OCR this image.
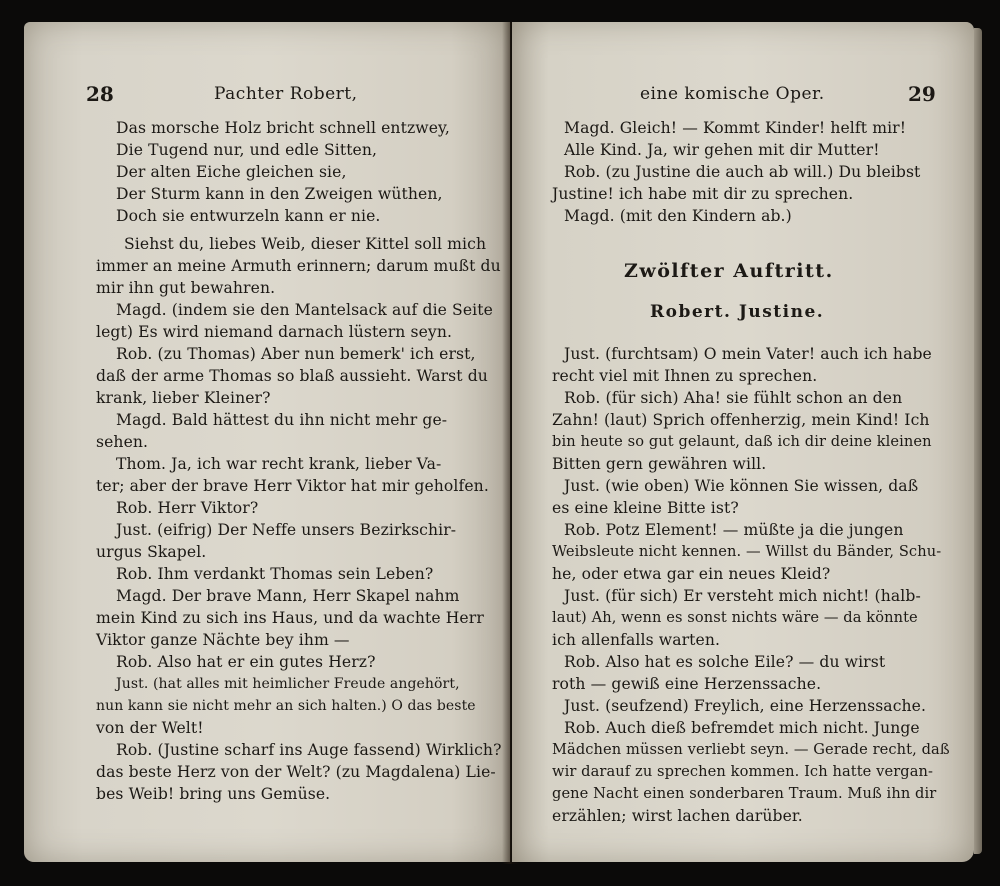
28	Pachter Robert,
Das morsche Holz bricht schnell entzwey,
Die Tugend nur, und edle Sitten,
Der alten Eiche gleichen sie,
Der Sturm kann in den Zweigen wüthen,
Doch sie entwurzeln kann er nie.
Siehst du, liebes Weib, dieser Kittel soll mich
immer an meine Armuth erinnern; darum mußt du
mir ihn gut bewahren.
Magd. (indem sie den Mantelsack auf die Seite
legt) Es wird niemand darnach lüstern seyn.
Rob. (zu Thomas) Aber nun bemerk' ich erst,
daß der arme Thomas so blaß aussieht. Warst du
krank, lieber Kleiner?
Magd. Bald hättest du ihn nicht mehr ge-
sehen.
Thom. Ja, ich war recht krank, lieber Va-
ter; aber der brave Herr Viktor hat mir geholfen.
Rob. Herr Viktor?
Just. (eifrig) Der Neffe unsers Bezirkschir-
urgus Skapel.
Rob. Ihm verdankt Thomas sein Leben?
Magd. Der brave Mann, Herr Skapel nahm
mein Kind zu sich ins Haus, und da wachte Herr
Viktor ganze Nächte bey ihm —
Rob. Also hat er ein gutes Herz?
Just. (hat alles mit heimlicher Freude angehört,
nun kann sie nicht mehr an sich halten.) O das beste
von der Welt!
Rob. (Justine scharf ins Auge fassend) Wirklich?
das beste Herz von der Welt? (zu Magdalena) Lie-
bes Weib! bring uns Gemüse.
eine komische Oper.	29
Magd. Gleich! — Kommt Kinder! helft mir!
Alle Kind. Ja, wir gehen mit dir Mutter!
Rob. (zu Justine die auch ab will.) Du bleibst
Justine! ich habe mit dir zu sprechen.
Magd. (mit den Kindern ab.)
Zwölfter Auftritt.
Robert. Justine.
Just. (furchtsam) O mein Vater! auch ich habe
recht viel mit Ihnen zu sprechen.
Rob. (für sich) Aha! sie fühlt schon an den
Zahn! (laut) Sprich offenherzig, mein Kind! Ich
bin heute so gut gelaunt, daß ich dir deine kleinen
Bitten gern gewähren will.
Just. (wie oben) Wie können Sie wissen, daß
es eine kleine Bitte ist?
Rob. Potz Element! — müßte ja die jungen
Weibsleute nicht kennen. — Willst du Bänder, Schu-
he, oder etwa gar ein neues Kleid?
Just. (für sich) Er versteht mich nicht! (halb-
laut) Ah, wenn es sonst nichts wäre — da könnte
ich allenfalls warten.
Rob. Also hat es solche Eile? — du wirst
roth — gewiß eine Herzenssache.
Just. (seufzend) Freylich, eine Herzenssache.
Rob. Auch dieß befremdet mich nicht. Junge
Mädchen müssen verliebt seyn. — Gerade recht, daß
wir darauf zu sprechen kommen. Ich hatte vergan-
gene Nacht einen sonderbaren Traum. Muß ihn dir
erzählen; wirst lachen darüber.
